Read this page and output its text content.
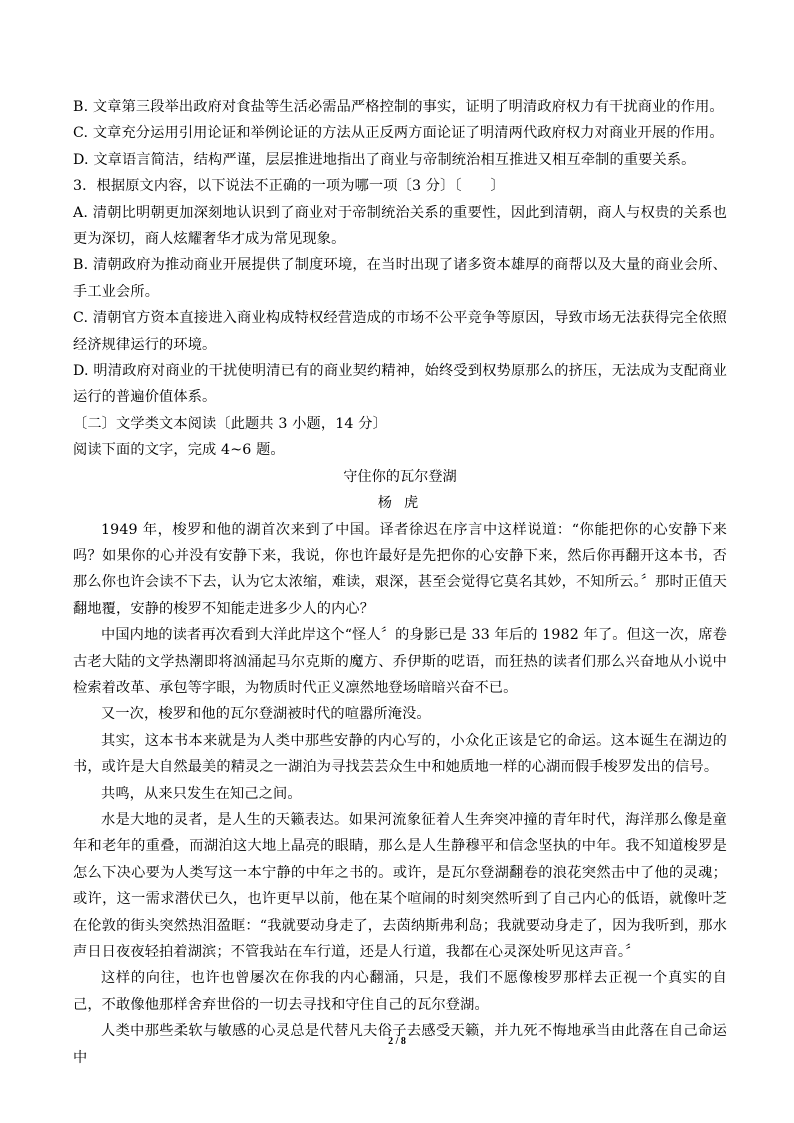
B. 文章第三段举出政府对食盐等生活必需品严格控制的事实，证明了明清政府权力有干扰商业的作用。

C. 文章充分运用引用论证和举例论证的方法从正反两方面论证了明清两代政府权力对商业开展的作用。

D. 文章语言简洁，结构严谨，层层推进地指出了商业与帝制统治相互推进又相互牵制的重要关系。

3．根据原文内容，以下说法不正确的一项为哪一项〔3 分〕〔　　〕

A. 清朝比明朝更加深刻地认识到了商业对于帝制统治关系的重要性，因此到清朝，商人与权贵的关系也更为深切，商人炫耀奢华才成为常见现象。

B. 清朝政府为推动商业开展提供了制度环境，在当时出现了诸多资本雄厚的商帮以及大量的商业会所、手工业会所。

C. 清朝官方资本直接进入商业构成特权经营造成的市场不公平竞争等原因，导致市场无法获得完全依照经济规律运行的环境。

D. 明清政府对商业的干扰使明清已有的商业契约精神，始终受到权势原那么的挤压，无法成为支配商业运行的普遍价值体系。

〔二〕文学类文本阅读〔此题共 3 小题，14 分〕

阅读下面的文字，完成 4~6 题。

守住你的瓦尔登湖

杨虎

1949 年，梭罗和他的湖首次来到了中国。译者徐迟在序言中这样说道：“你能把你的心安静下来吗？如果你的心并没有安静下来，我说，你也许最好是先把你的心安静下来，然后你再翻开这本书，否那么你也许会读不下去，认为它太浓缩，难读，艰深，甚至会觉得它莫名其妙，不知所云。〞那时正值天翻地覆，安静的梭罗不知能走进多少人的内心？

中国内地的读者再次看到大洋此岸这个“怪人〞的身影已是 33 年后的 1982 年了。但这一次，席卷古老大陆的文学热潮即将汹涌起马尔克斯的魔方、乔伊斯的呓语，而狂热的读者们那么兴奋地从小说中检索着改革、承包等字眼，为物质时代正义凛然地登场暗暗兴奋不已。

又一次，梭罗和他的瓦尔登湖被时代的喧嚣所淹没。

其实，这本书本来就是为人类中那些安静的内心写的，小众化正该是它的命运。这本诞生在湖边的书，或许是大自然最美的精灵之一湖泊为寻找芸芸众生中和她质地一样的心湖而假手梭罗发出的信号。

共鸣，从来只发生在知己之间。

水是大地的灵者，是人生的天籁表达。如果河流象征着人生奔突冲撞的青年时代，海洋那么像是童年和老年的重叠，而湖泊这大地上晶亮的眼睛，那么是人生静穆平和信念坚执的中年。我不知道梭罗是怎么下决心要为人类写这一本宁静的中年之书的。或许，是瓦尔登湖翻卷的浪花突然击中了他的灵魂；或许，这一需求潜伏已久，也许更早以前，他在某个喧闹的时刻突然听到了自己内心的低语，就像叶芝在伦敦的街头突然热泪盈眶：“我就要动身走了，去茵纳斯弗利岛；我就要动身走了，因为我听到，那水声日日夜夜轻拍着湖滨；不管我站在车行道，还是人行道，我都在心灵深处听见这声音。〞

这样的向往，也许也曾屡次在你我的内心翻涌，只是，我们不愿像梭罗那样去正视一个真实的自己，不敢像他那样舍弃世俗的一切去寻找和守住自己的瓦尔登湖。

人类中那些柔软与敏感的心灵总是代替凡夫俗子去感受天籁，并九死不悔地承当由此落在自己命运中

2 / 8
